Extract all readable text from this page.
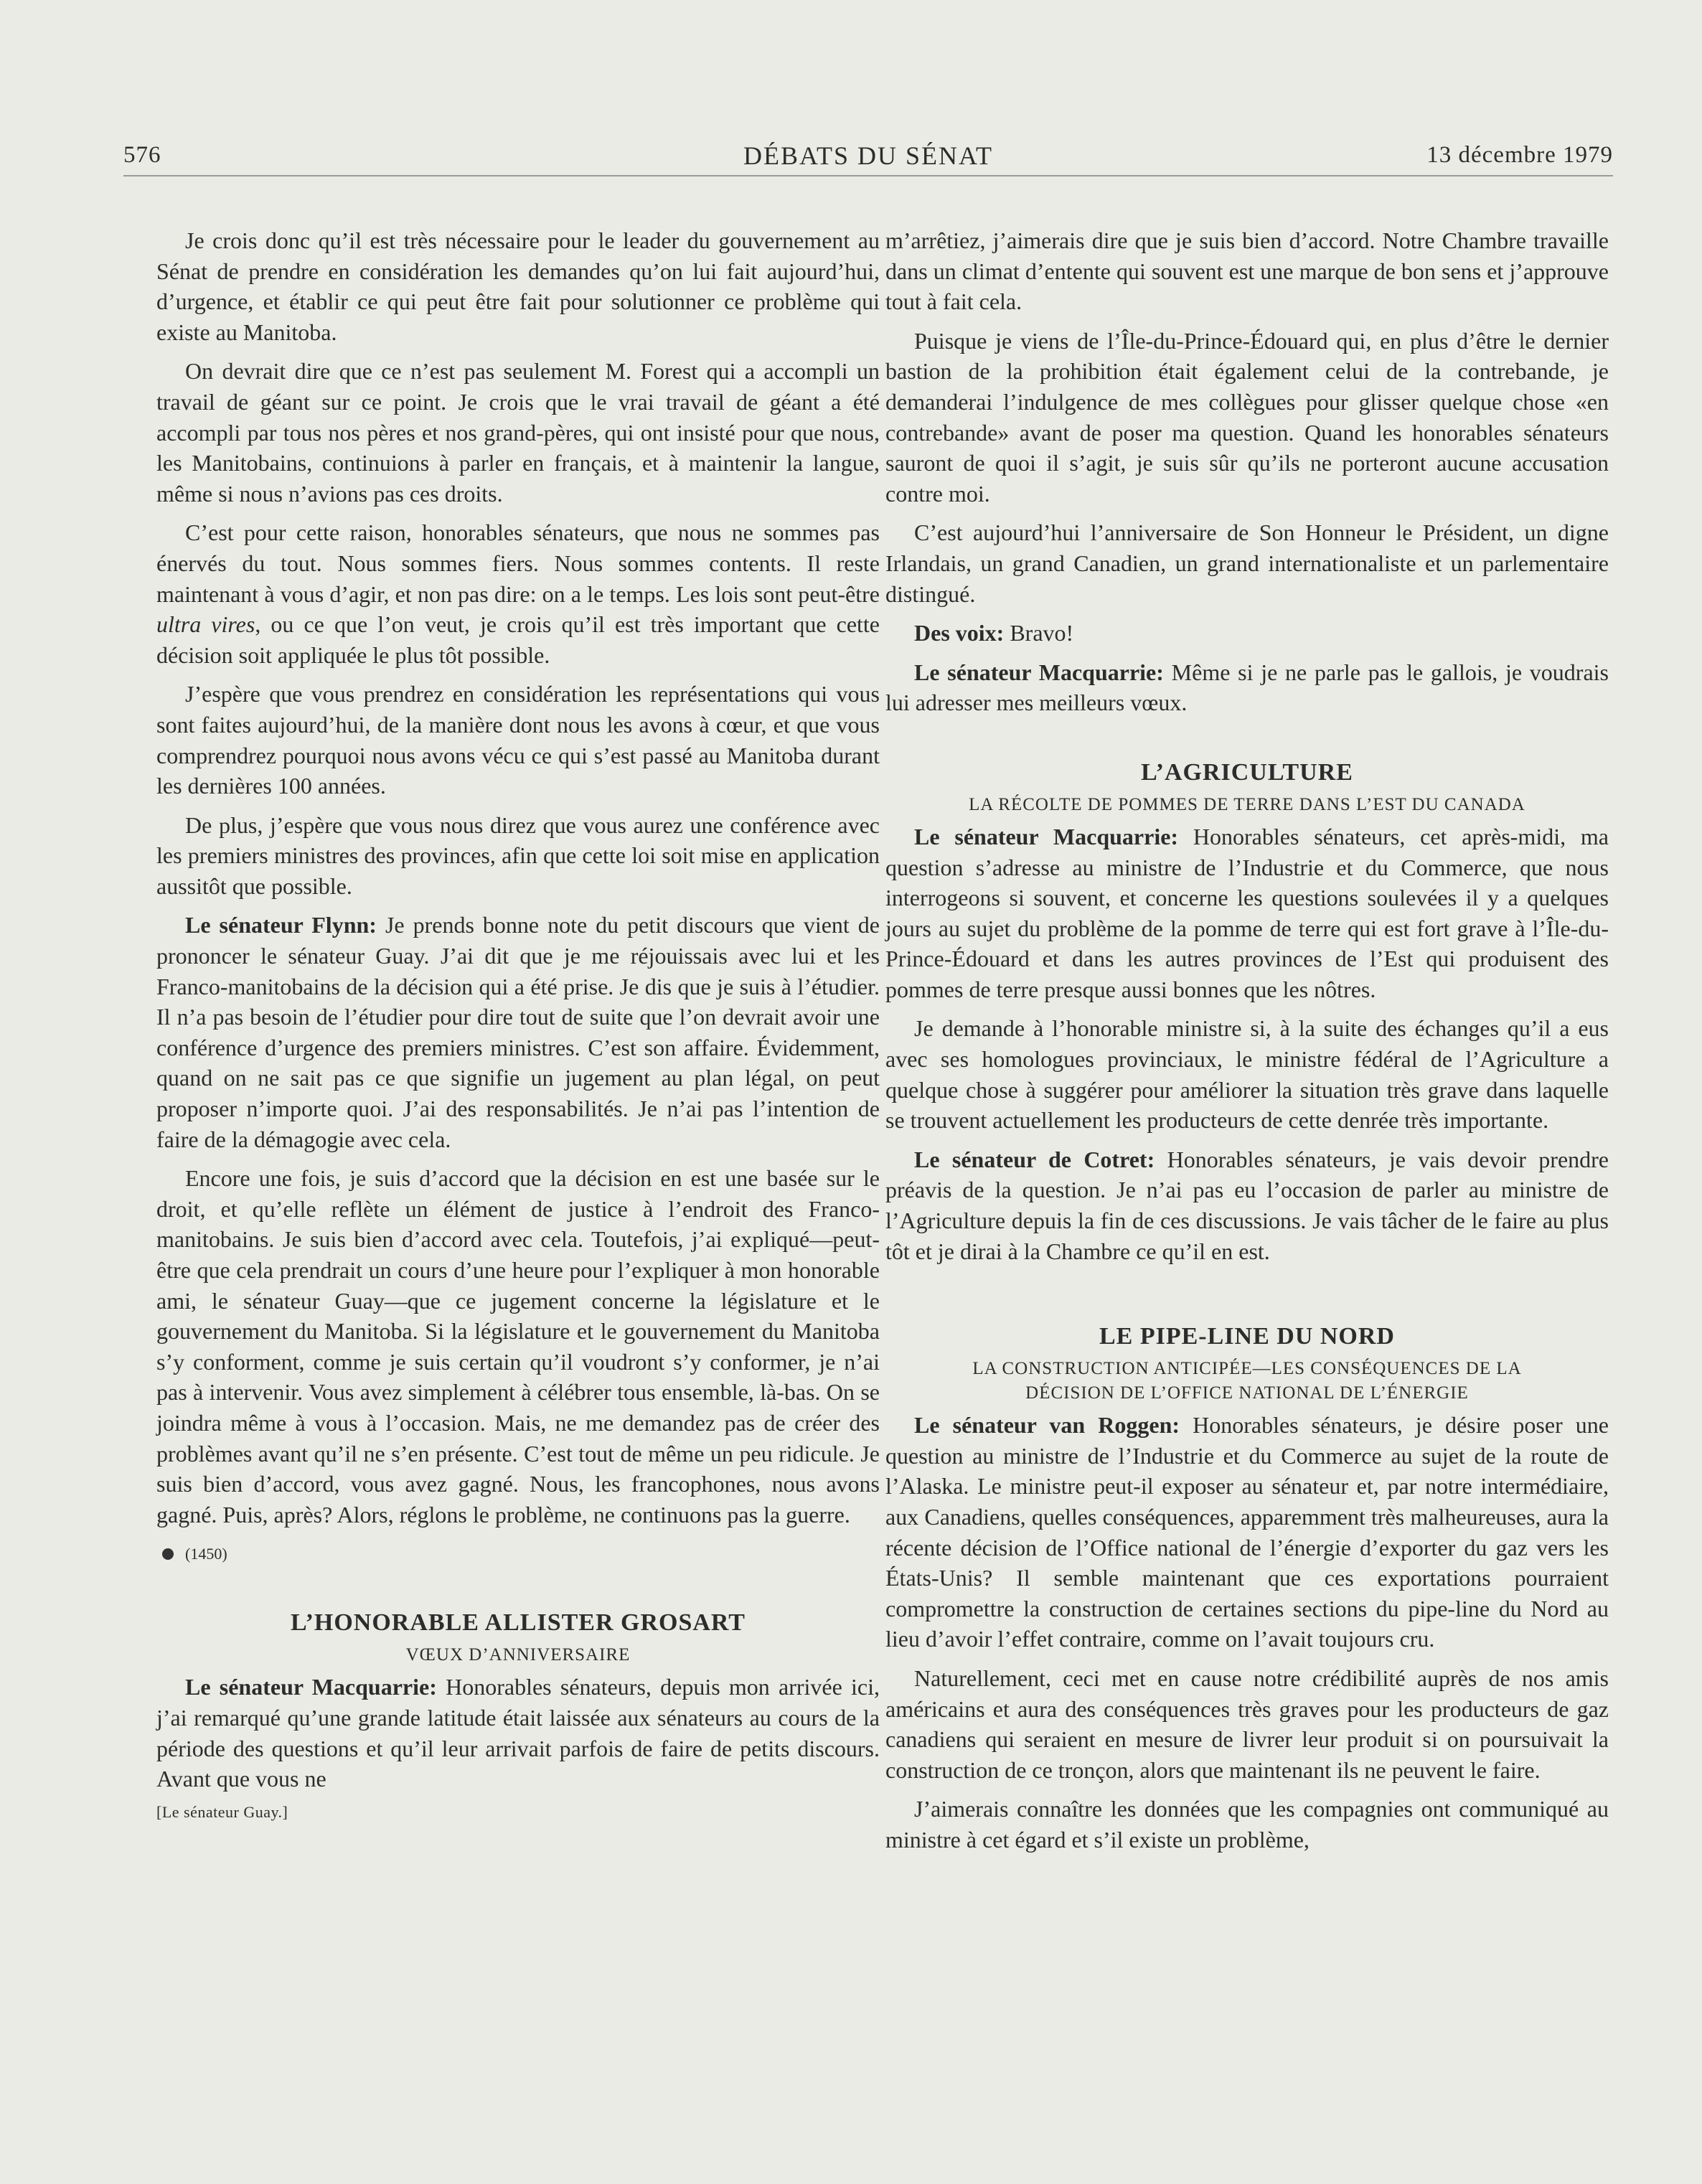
576	DÉBATS DU SÉNAT	13 décembre 1979

Je crois donc qu’il est très nécessaire pour le leader du gouvernement au Sénat de prendre en considération les demandes qu’on lui fait aujourd’hui, d’urgence, et établir ce qui peut être fait pour solutionner ce problème qui existe au Manitoba.

On devrait dire que ce n’est pas seulement M. Forest qui a accompli un travail de géant sur ce point. Je crois que le vrai travail de géant a été accompli par tous nos pères et nos grand-pères, qui ont insisté pour que nous, les Manitobains, continuions à parler en français, et à maintenir la langue, même si nous n’avions pas ces droits.

C’est pour cette raison, honorables sénateurs, que nous ne sommes pas énervés du tout. Nous sommes fiers. Nous sommes contents. Il reste maintenant à vous d’agir, et non pas dire: on a le temps. Les lois sont peut-être ultra vires, ou ce que l’on veut, je crois qu’il est très important que cette décision soit appliquée le plus tôt possible.

J’espère que vous prendrez en considération les représentations qui vous sont faites aujourd’hui, de la manière dont nous les avons à cœur, et que vous comprendrez pourquoi nous avons vécu ce qui s’est passé au Manitoba durant les dernières 100 années.

De plus, j’espère que vous nous direz que vous aurez une conférence avec les premiers ministres des provinces, afin que cette loi soit mise en application aussitôt que possible.

Le sénateur Flynn: Je prends bonne note du petit discours que vient de prononcer le sénateur Guay. J’ai dit que je me réjouissais avec lui et les Franco-manitobains de la décision qui a été prise. Je dis que je suis à l’étudier. Il n’a pas besoin de l’étudier pour dire tout de suite que l’on devrait avoir une conférence d’urgence des premiers ministres. C’est son affaire. Évidemment, quand on ne sait pas ce que signifie un jugement au plan légal, on peut proposer n’importe quoi. J’ai des responsabilités. Je n’ai pas l’intention de faire de la démagogie avec cela.

Encore une fois, je suis d’accord que la décision en est une basée sur le droit, et qu’elle reflète un élément de justice à l’endroit des Franco-manitobains. Je suis bien d’accord avec cela. Toutefois, j’ai expliqué—peut-être que cela prendrait un cours d’une heure pour l’expliquer à mon honorable ami, le sénateur Guay—que ce jugement concerne la législature et le gouvernement du Manitoba. Si la législature et le gouvernement du Manitoba s’y conforment, comme je suis certain qu’il voudront s’y conformer, je n’ai pas à intervenir. Vous avez simplement à célébrer tous ensemble, là-bas. On se joindra même à vous à l’occasion. Mais, ne me demandez pas de créer des problèmes avant qu’il ne s’en présente. C’est tout de même un peu ridicule. Je suis bien d’accord, vous avez gagné. Nous, les francophones, nous avons gagné. Puis, après? Alors, réglons le problème, ne continuons pas la guerre.

(1450)
L’HONORABLE ALLISTER GROSART
VŒUX D’ANNIVERSAIRE

Le sénateur Macquarrie: Honorables sénateurs, depuis mon arrivée ici, j’ai remarqué qu’une grande latitude était laissée aux sénateurs au cours de la période des questions et qu’il leur arrivait parfois de faire de petits discours. Avant que vous ne

[Le sénateur Guay.]

m’arrêtiez, j’aimerais dire que je suis bien d’accord. Notre Chambre travaille dans un climat d’entente qui souvent est une marque de bon sens et j’approuve tout à fait cela.

Puisque je viens de l’Île-du-Prince-Édouard qui, en plus d’être le dernier bastion de la prohibition était également celui de la contrebande, je demanderai l’indulgence de mes collègues pour glisser quelque chose «en contrebande» avant de poser ma question. Quand les honorables sénateurs sauront de quoi il s’agit, je suis sûr qu’ils ne porteront aucune accusation contre moi.

C’est aujourd’hui l’anniversaire de Son Honneur le Président, un digne Irlandais, un grand Canadien, un grand internationaliste et un parlementaire distingué.

Des voix: Bravo!

Le sénateur Macquarrie: Même si je ne parle pas le gallois, je voudrais lui adresser mes meilleurs vœux.

L’AGRICULTURE
LA RÉCOLTE DE POMMES DE TERRE DANS L’EST DU CANADA

Le sénateur Macquarrie: Honorables sénateurs, cet après-midi, ma question s’adresse au ministre de l’Industrie et du Commerce, que nous interrogeons si souvent, et concerne les questions soulevées il y a quelques jours au sujet du problème de la pomme de terre qui est fort grave à l’Île-du-Prince-Édouard et dans les autres provinces de l’Est qui produisent des pommes de terre presque aussi bonnes que les nôtres.

Je demande à l’honorable ministre si, à la suite des échanges qu’il a eus avec ses homologues provinciaux, le ministre fédéral de l’Agriculture a quelque chose à suggérer pour améliorer la situation très grave dans laquelle se trouvent actuellement les producteurs de cette denrée très importante.

Le sénateur de Cotret: Honorables sénateurs, je vais devoir prendre préavis de la question. Je n’ai pas eu l’occasion de parler au ministre de l’Agriculture depuis la fin de ces discussions. Je vais tâcher de le faire au plus tôt et je dirai à la Chambre ce qu’il en est.

LE PIPE-LINE DU NORD
LA CONSTRUCTION ANTICIPÉE—LES CONSÉQUENCES DE LA
DÉCISION DE L’OFFICE NATIONAL DE L’ÉNERGIE

Le sénateur van Roggen: Honorables sénateurs, je désire poser une question au ministre de l’Industrie et du Commerce au sujet de la route de l’Alaska. Le ministre peut-il exposer au sénateur et, par notre intermédiaire, aux Canadiens, quelles conséquences, apparemment très malheureuses, aura la récente décision de l’Office national de l’énergie d’exporter du gaz vers les États-Unis? Il semble maintenant que ces exportations pourraient compromettre la construction de certaines sections du pipe-line du Nord au lieu d’avoir l’effet contraire, comme on l’avait toujours cru.

Naturellement, ceci met en cause notre crédibilité auprès de nos amis américains et aura des conséquences très graves pour les producteurs de gaz canadiens qui seraient en mesure de livrer leur produit si on poursuivait la construction de ce tronçon, alors que maintenant ils ne peuvent le faire.

J’aimerais connaître les données que les compagnies ont communiqué au ministre à cet égard et s’il existe un problème,
